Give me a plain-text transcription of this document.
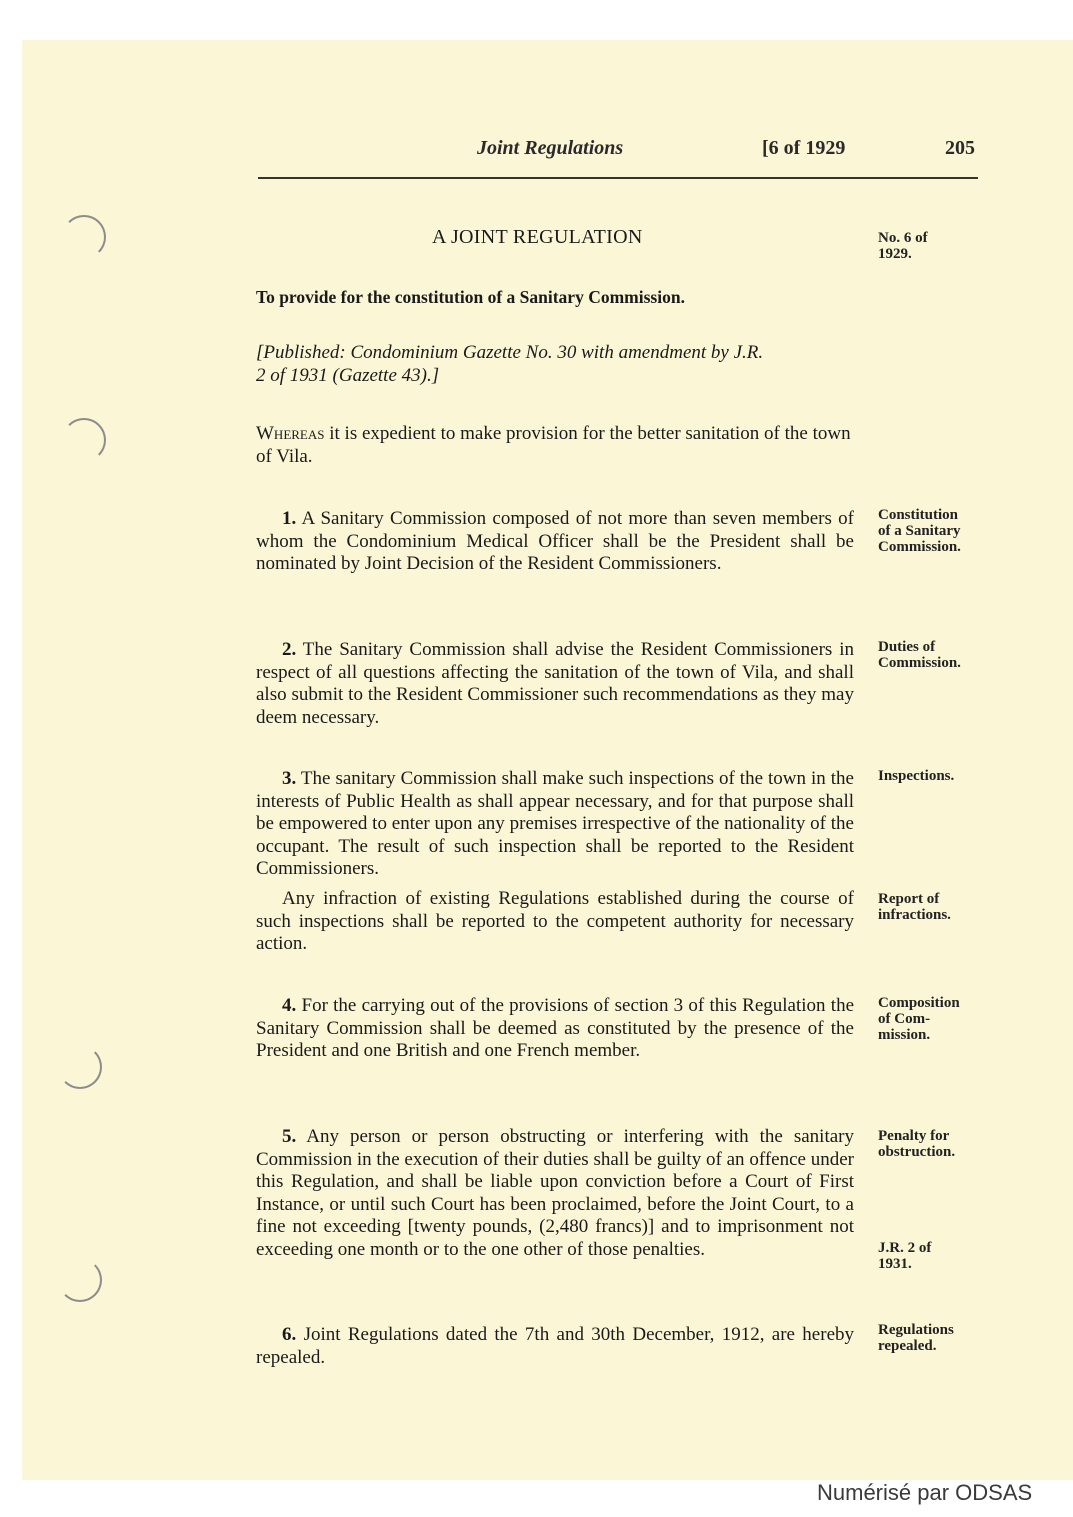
Joint Regulations	[6 of 1929	205
A JOINT REGULATION	No. 6 of
1929.
To provide for the constitution of a Sanitary Commission.
[Published: Condominium Gazette No. 30 with amendment by J.R.
2 of 1931 (Gazette 43).]
Whereas it is expedient to make provision for the better sanitation of the town of Vila.
1. A Sanitary Commission composed of not more than seven members of whom the Condominium Medical Officer shall be the President shall be nominated by Joint Decision of the Resident Commissioners.
Constitution
of a Sanitary
Commission.
2. The Sanitary Commission shall advise the Resident Commissioners in respect of all questions affecting the sanitation of the town of Vila, and shall also submit to the Resident Commissioner such recommendations as they may deem necessary.
Duties of
Commission.
3. The sanitary Commission shall make such inspections of the town in the interests of Public Health as shall appear necessary, and for that purpose shall be empowered to enter upon any premises irrespective of the nationality of the occupant. The result of such inspection shall be reported to the Resident Commissioners.
Inspections.
Any infraction of existing Regulations established during the course of such inspections shall be reported to the competent authority for necessary action.
Report of
infractions.
4. For the carrying out of the provisions of section 3 of this Regulation the Sanitary Commission shall be deemed as constituted by the presence of the President and one British and one French member.
Composition
of Com-
mission.
5. Any person or person obstructing or interfering with the sanitary Commission in the execution of their duties shall be guilty of an offence under this Regulation, and shall be liable upon conviction before a Court of First Instance, or until such Court has been proclaimed, before the Joint Court, to a fine not exceeding [twenty pounds, (2,480 francs)] and to imprisonment not exceeding one month or to the one other of those penalties.
Penalty for
obstruction.
J.R. 2 of
1931.
6. Joint Regulations dated the 7th and 30th December, 1912, are hereby repealed.
Regulations
repealed.
Numérisé par ODSAS
